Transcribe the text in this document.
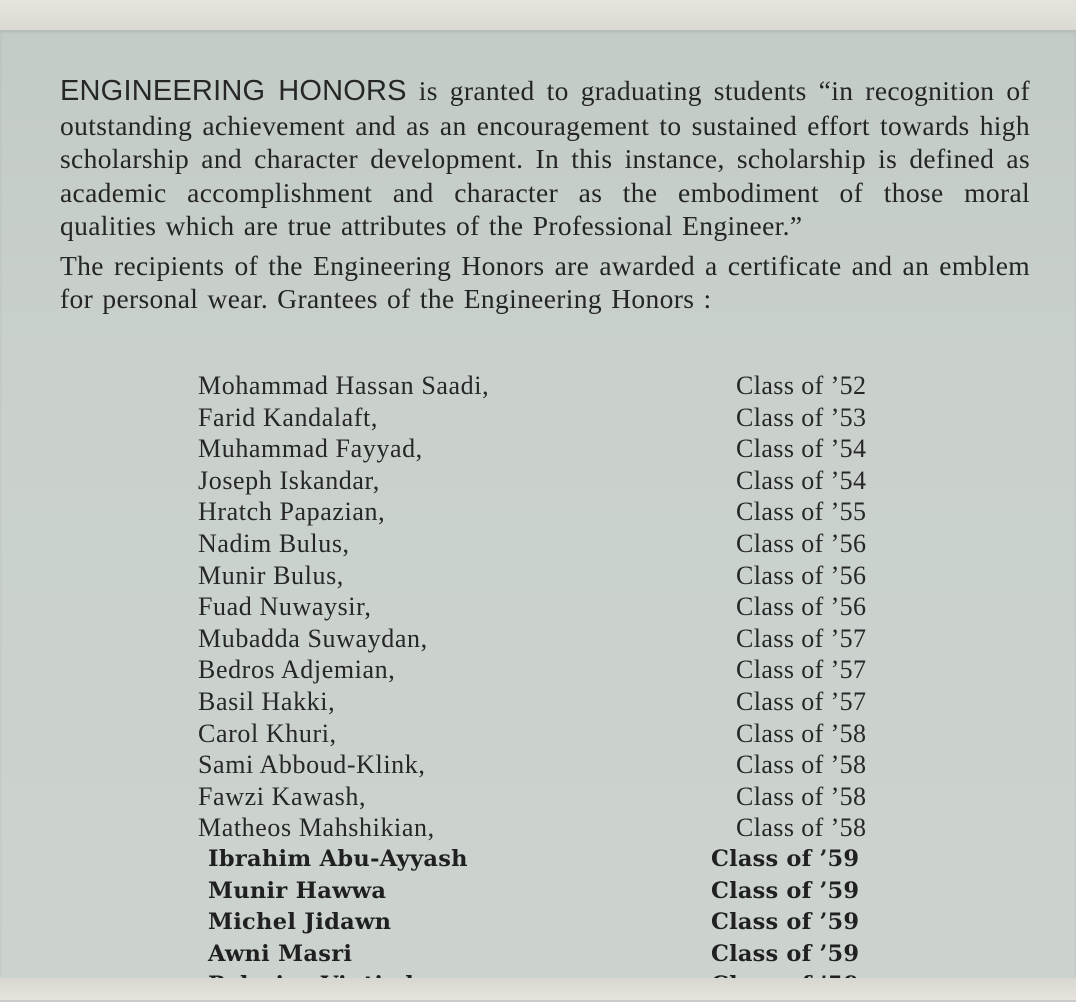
ENGINEERING HONORS is granted to graduating students “in recognition of outstanding achievement and as an encouragement to sustained effort towards high scholarship and character development. In this instance, scholarship is defined as academic accomplishment and character as the embodiment of those moral qualities which are true attributes of the Professional Engineer.”

The recipients of the Engineering Honors are awarded a certificate and an emblem for personal wear. Grantees of the Engineering Honors :

Mohammad Hassan Saadi,	Class of ’52
Farid Kandalaft,	Class of ’53
Muhammad Fayyad,	Class of ’54
Joseph Iskandar,	Class of ’54
Hratch Papazian,	Class of ’55
Nadim Bulus,	Class of ’56
Munir Bulus,	Class of ’56
Fuad Nuwaysir,	Class of ’56
Mubadda Suwaydan,	Class of ’57
Bedros Adjemian,	Class of ’57
Basil Hakki,	Class of ’57
Carol Khuri,	Class of ’58
Sami Abboud-Klink,	Class of ’58
Fawzi Kawash,	Class of ’58
Matheos Mahshikian,	Class of ’58
Ibrahim Abu-Ayyash	Class of ’59
Munir Hawwa	Class of ’59
Michel Jidawn	Class of ’59
Awni Masri	Class of ’59
